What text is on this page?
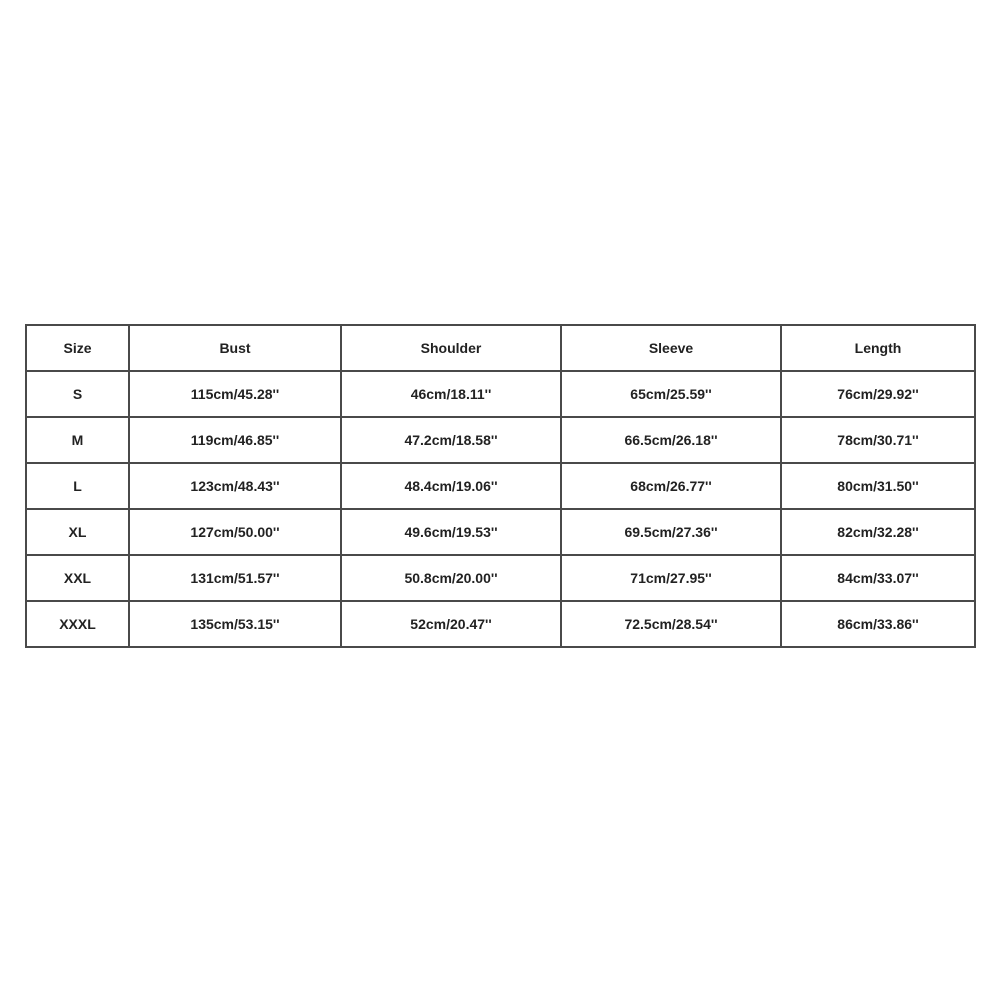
Size	Bust	Shoulder	Sleeve	Length
S	115cm/45.28''	46cm/18.11''	65cm/25.59''	76cm/29.92''
M	119cm/46.85''	47.2cm/18.58''	66.5cm/26.18''	78cm/30.71''
L	123cm/48.43''	48.4cm/19.06''	68cm/26.77''	80cm/31.50''
XL	127cm/50.00''	49.6cm/19.53''	69.5cm/27.36''	82cm/32.28''
XXL	131cm/51.57''	50.8cm/20.00''	71cm/27.95''	84cm/33.07''
XXXL	135cm/53.15''	52cm/20.47''	72.5cm/28.54''	86cm/33.86''
